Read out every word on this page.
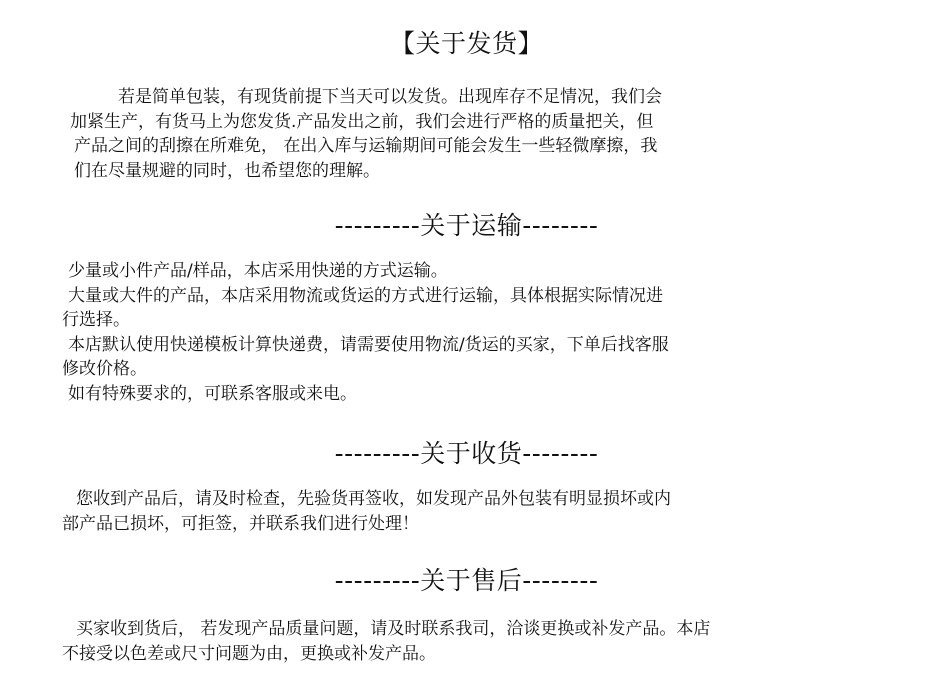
【关于发货】
若是简单包装，有现货前提下当天可以发货。出现库存不足情况，我们会
加紧生产，有货马上为您发货.产品发出之前，我们会进行严格的质量把关，但
产品之间的刮擦在所难免， 在出入库与运输期间可能会发生一些轻微摩擦，我
们在尽量规避的同时，也希望您的理解。
---------关于运输--------
少量或小件产品/样品，本店采用快递的方式运输。
大量或大件的产品，本店采用物流或货运的方式进行运输，具体根据实际情况进
行选择。
本店默认使用快递模板计算快递费，请需要使用物流/货运的买家，下单后找客服
修改价格。
如有特殊要求的，可联系客服或来电。
---------关于收货--------
您收到产品后，请及时检查，先验货再签收，如发现产品外包装有明显损坏或内
部产品已损坏，可拒签，并联系我们进行处理！
---------关于售后--------
买家收到货后， 若发现产品质量问题，请及时联系我司，洽谈更换或补发产品。本店
不接受以色差或尺寸问题为由，更换或补发产品。
